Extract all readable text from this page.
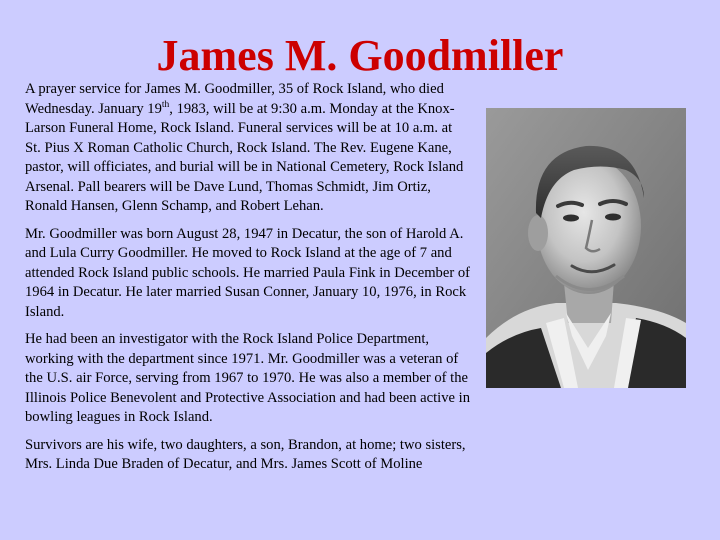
James M. Goodmiller

A prayer service for James M. Goodmiller, 35 of Rock Island, who died Wednesday. January 19th, 1983, will be at 9:30 a.m. Monday at the Knox-Larson Funeral Home, Rock Island. Funeral services will be at 10 a.m. at St. Pius X Roman Catholic Church, Rock Island. The Rev. Eugene Kane, pastor, will officiates, and burial will be in National Cemetery, Rock Island Arsenal. Pall bearers will be Dave Lund, Thomas Schmidt, Jim Ortiz, Ronald Hansen, Glenn Schamp, and Robert Lehan.

Mr. Goodmiller was born August 28, 1947 in Decatur, the son of Harold A. and Lula Curry Goodmiller. He moved to Rock Island at the age of 7 and attended Rock Island public schools. He married Paula Fink in December of 1964 in Decatur. He later married Susan Conner, January 10, 1976, in Rock Island.

He had been an investigator with the Rock Island Police Department, working with the department since 1971. Mr. Goodmiller was a veteran of the U.S. air Force, serving from 1967 to 1970. He was also a member of the Illinois Police Benevolent and Protective Association and had been active in bowling leagues in Rock Island.

Survivors are his wife, two daughters, a son, Brandon, at home; two sisters, Mrs. Linda Due Braden of Decatur, and Mrs. James Scott of Moline
